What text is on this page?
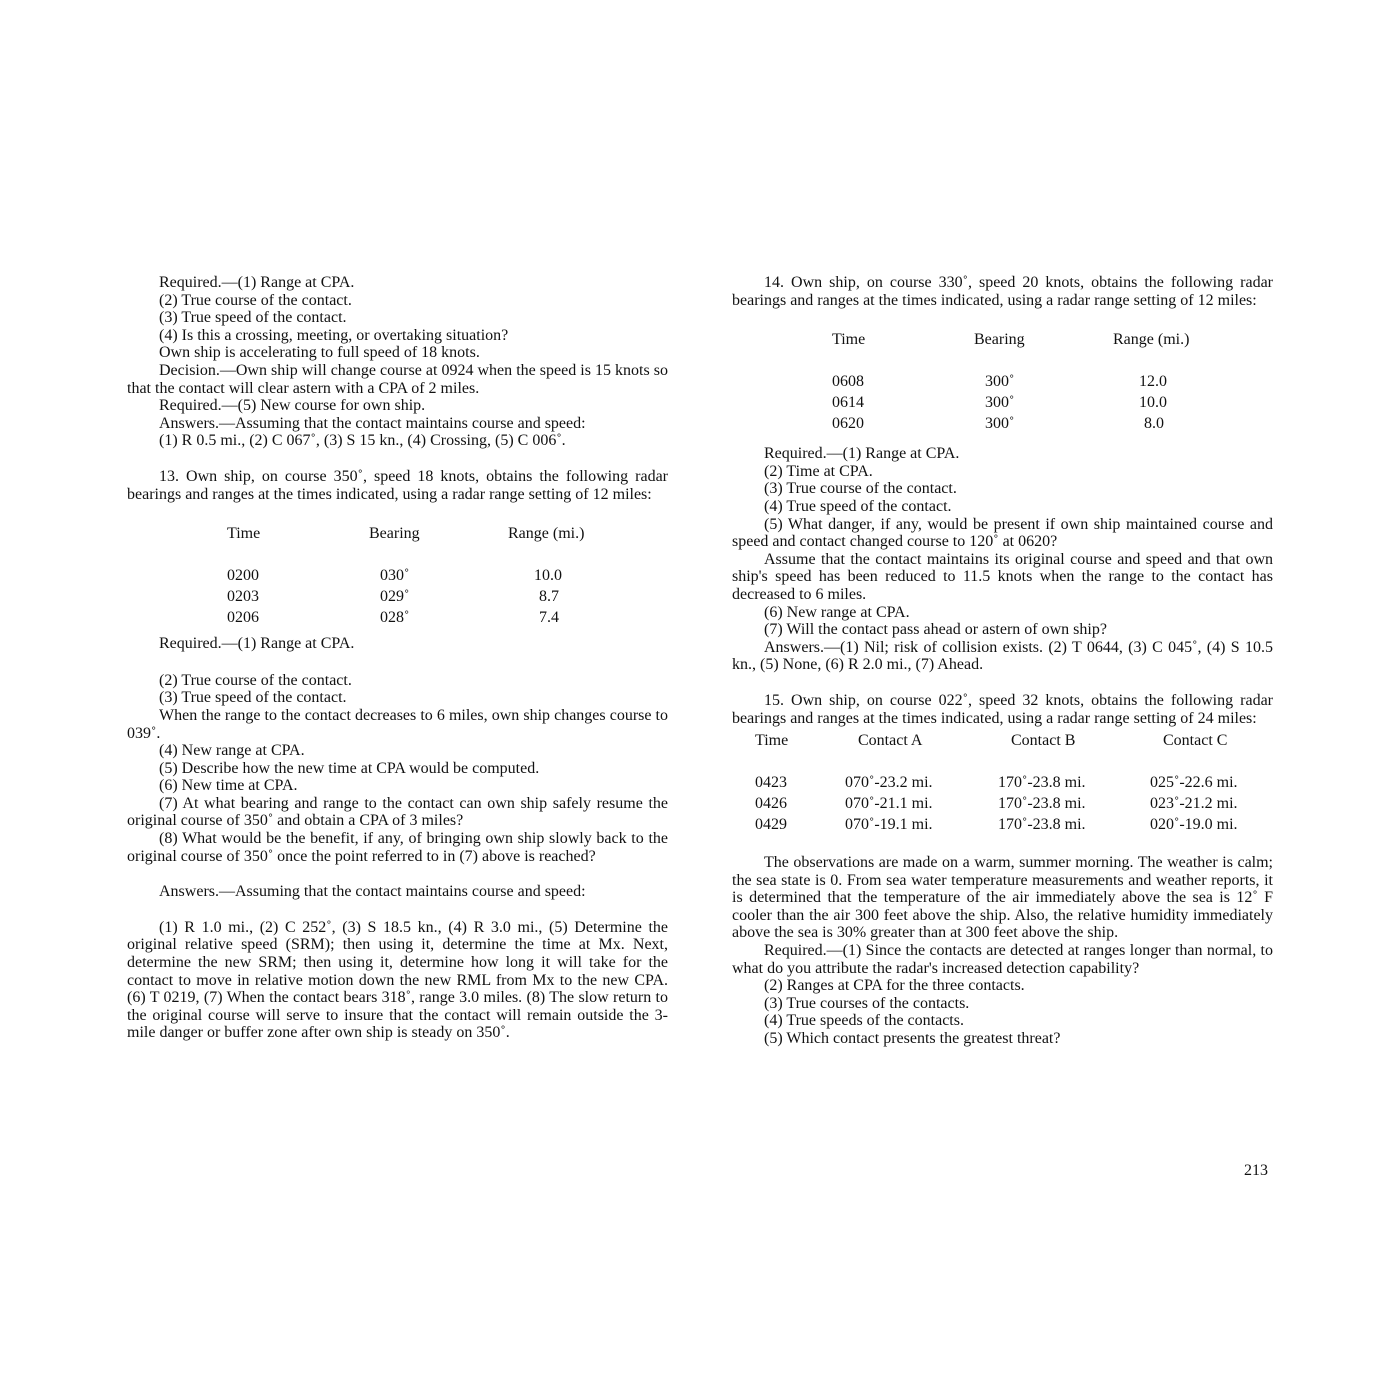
Required.—(1) Range at CPA.

(2) True course of the contact.

(3) True speed of the contact.

(4) Is this a crossing, meeting, or overtaking situation?

Own ship is accelerating to full speed of 18 knots.

Decision.—Own ship will change course at 0924 when the speed is 15 knots so that the contact will clear astern with a CPA of 2 miles.

Required.—(5) New course for own ship.

Answers.—Assuming that the contact maintains course and speed:

(1) R 0.5 mi., (2) C 067˚, (3) S 15 kn., (4) Crossing, (5) C 006˚.

13. Own ship, on course 350˚, speed 18 knots, obtains the following radar bearings and ranges at the times indicated, using a radar range setting of 12 miles:

Time	Bearing	Range (mi.)
0200	030˚	10.0
0203	029˚	8.7
0206	028˚	7.4

Required.—(1) Range at CPA.

(2) True course of the contact.

(3) True speed of the contact.

When the range to the contact decreases to 6 miles, own ship changes course to 039˚.

(4) New range at CPA.

(5) Describe how the new time at CPA would be computed.

(6) New time at CPA.

(7) At what bearing and range to the contact can own ship safely resume the original course of 350˚ and obtain a CPA of 3 miles?

(8) What would be the benefit, if any, of bringing own ship slowly back to the original course of 350˚ once the point referred to in (7) above is reached?

Answers.—Assuming that the contact maintains course and speed:

(1) R 1.0 mi., (2) C 252˚, (3) S 18.5 kn., (4) R 3.0 mi., (5) Determine the original relative speed (SRM); then using it, determine the time at Mx. Next, determine the new SRM; then using it, determine how long it will take for the contact to move in relative motion down the new RML from Mx to the new CPA. (6) T 0219, (7) When the contact bears 318˚, range 3.0 miles. (8) The slow return to the original course will serve to insure that the contact will remain outside the 3-mile danger or buffer zone after own ship is steady on 350˚.

14. Own ship, on course 330˚, speed 20 knots, obtains the following radar bearings and ranges at the times indicated, using a radar range setting of 12 miles:

Time	Bearing	Range (mi.)
0608	300˚	12.0
0614	300˚	10.0
0620	300˚	8.0

Required.—(1) Range at CPA.

(2) Time at CPA.

(3) True course of the contact.

(4) True speed of the contact.

(5) What danger, if any, would be present if own ship maintained course and speed and contact changed course to 120˚ at 0620?

Assume that the contact maintains its original course and speed and that own ship's speed has been reduced to 11.5 knots when the range to the contact has decreased to 6 miles.

(6) New range at CPA.

(7) Will the contact pass ahead or astern of own ship?

Answers.—(1) Nil; risk of collision exists. (2) T 0644, (3) C 045˚, (4) S 10.5 kn., (5) None, (6) R 2.0 mi., (7) Ahead.

15. Own ship, on course 022˚, speed 32 knots, obtains the following radar bearings and ranges at the times indicated, using a radar range setting of 24 miles:

Time	Contact A	Contact B	Contact C
0423	070˚-23.2 mi.	170˚-23.8 mi.	025˚-22.6 mi.
0426	070˚-21.1 mi.	170˚-23.8 mi.	023˚-21.2 mi.
0429	070˚-19.1 mi.	170˚-23.8 mi.	020˚-19.0 mi.

The observations are made on a warm, summer morning. The weather is calm; the sea state is 0. From sea water temperature measurements and weather reports, it is determined that the temperature of the air immediately above the sea is 12˚ F cooler than the air 300 feet above the ship. Also, the relative humidity immediately above the sea is 30% greater than at 300 feet above the ship.

Required.—(1) Since the contacts are detected at ranges longer than normal, to what do you attribute the radar's increased detection capability?

(2) Ranges at CPA for the three contacts.

(3) True courses of the contacts.

(4) True speeds of the contacts.

(5) Which contact presents the greatest threat?

213
